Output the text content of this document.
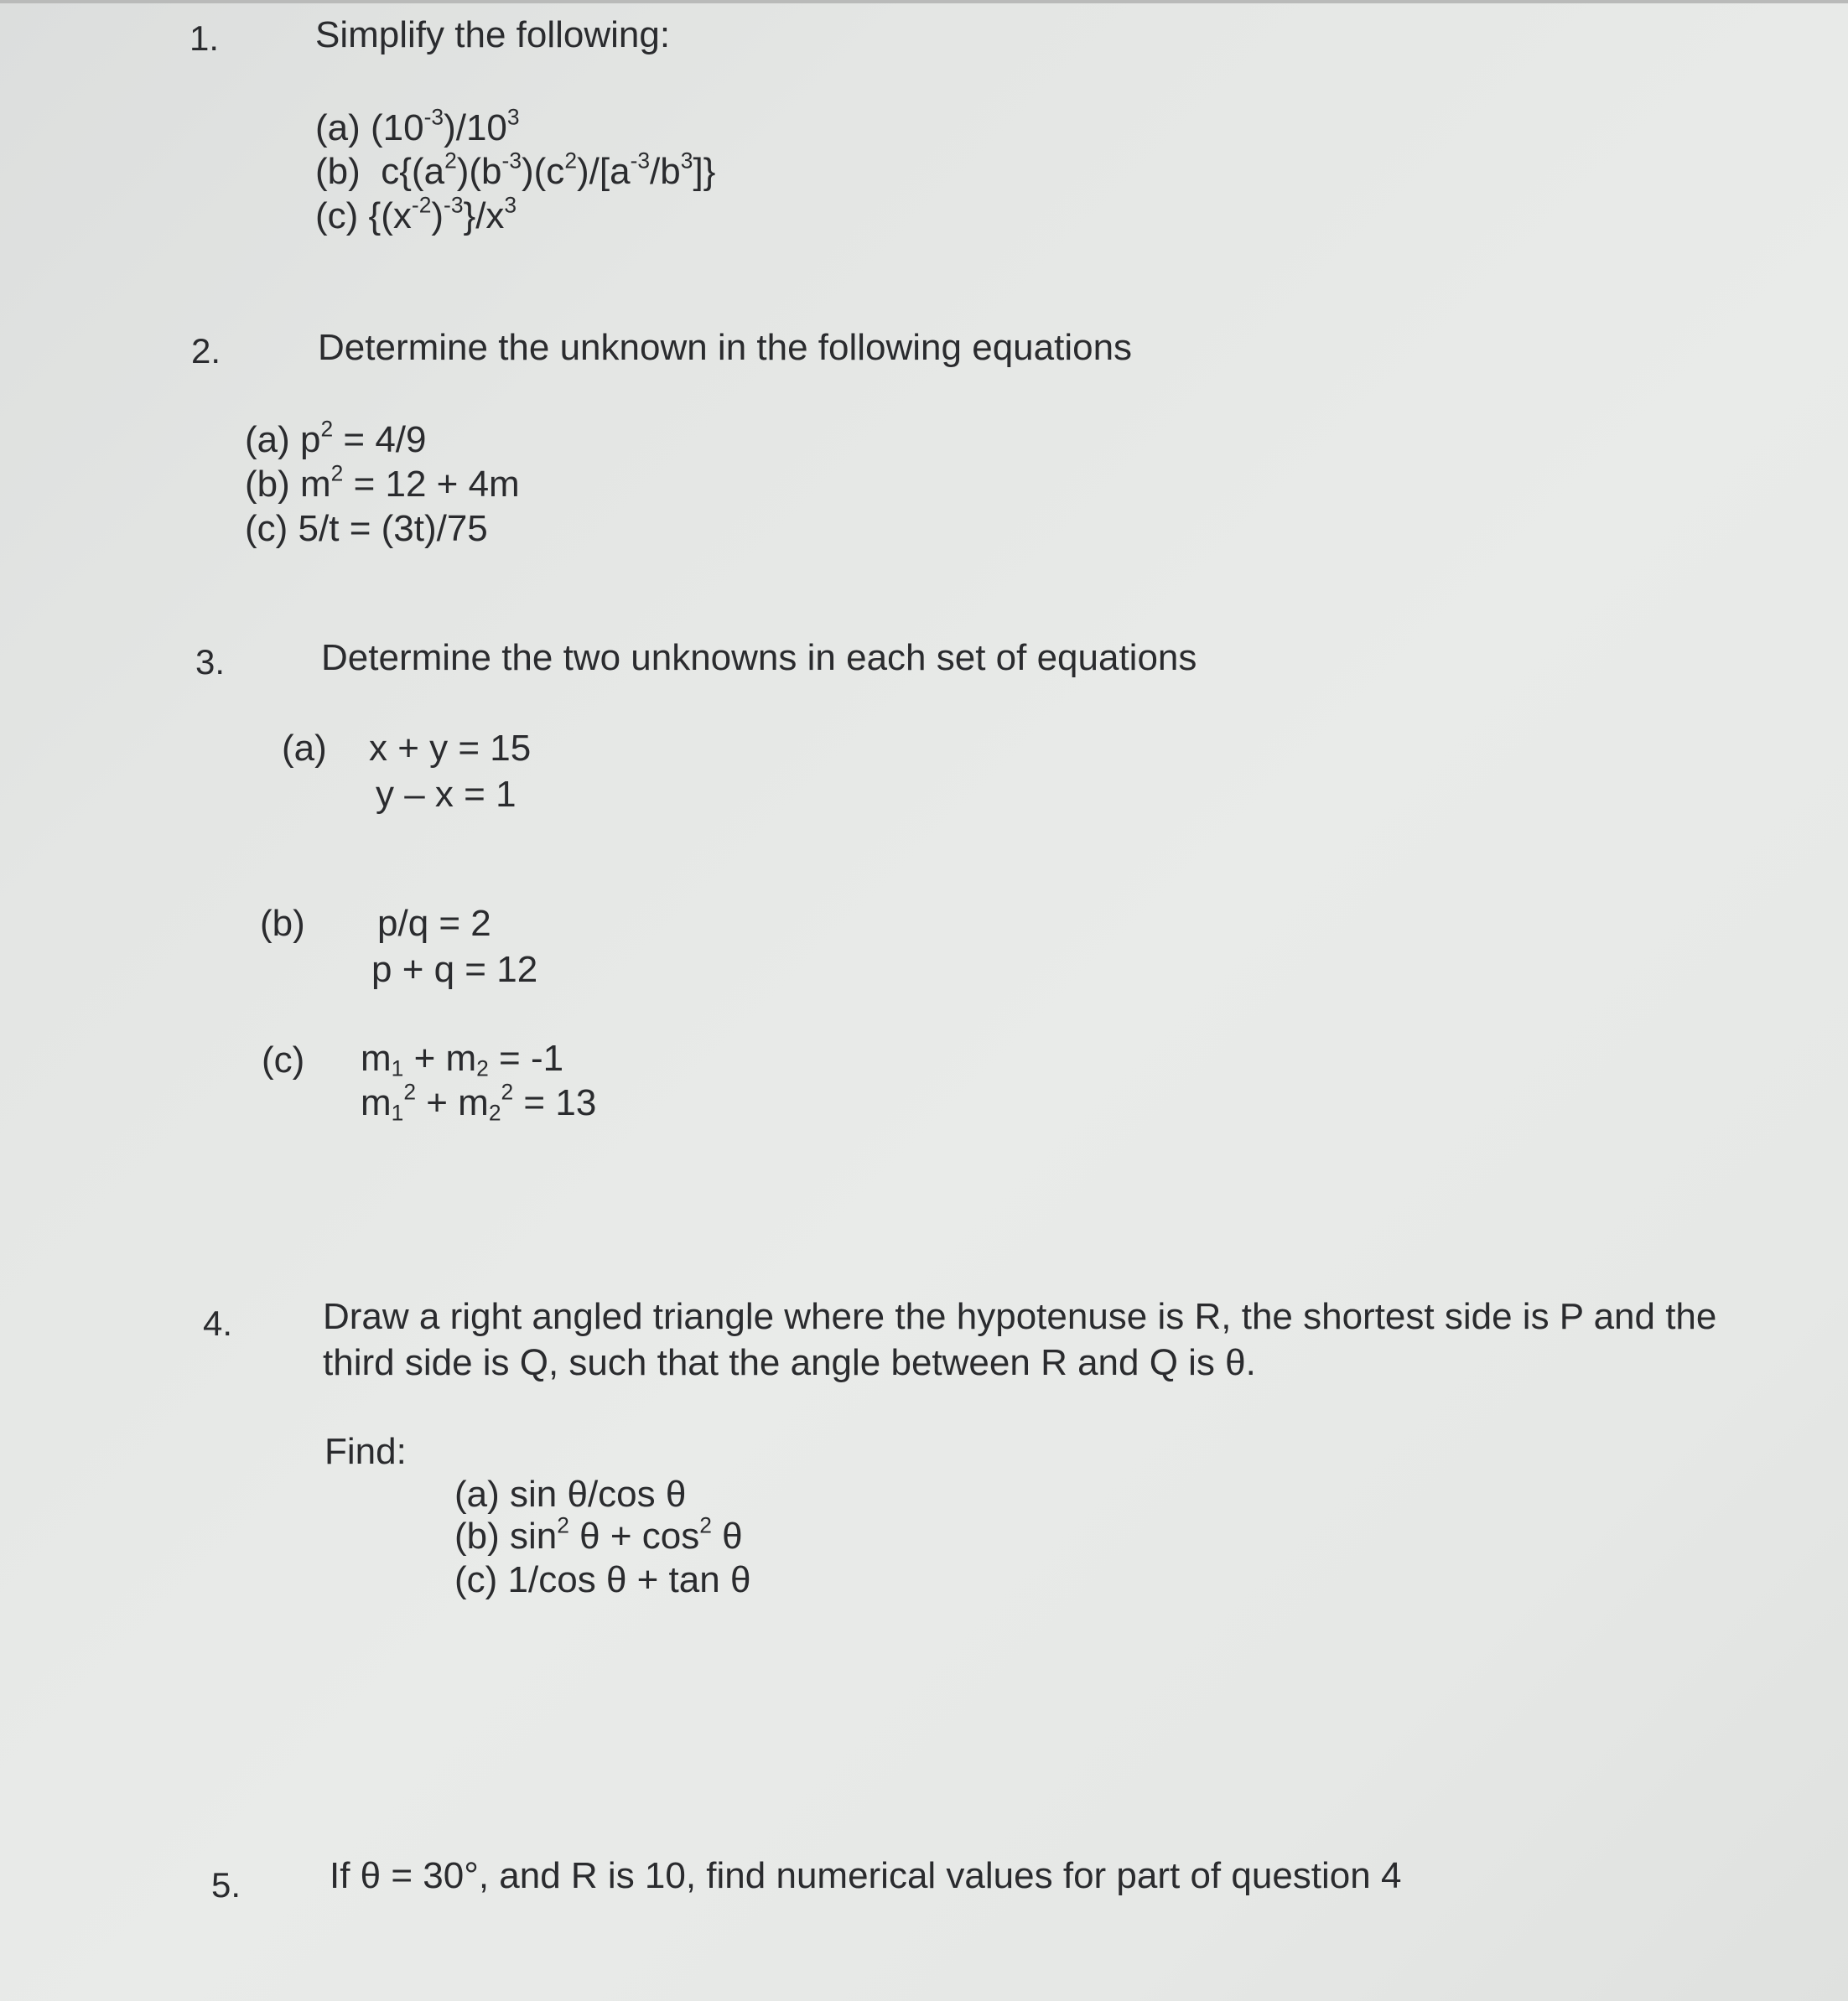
1.	Simplify the following:
(a) $(10^{-3})/10^3$
(b) $c\{(a^2)(b^{-3})(c^2)/[a^{-3}/b^3]\}$
(c) $\{(x^{-2})^{-3}\}/x^3$
2.	Determine the unknown in the following equations
(a) $p^2 = 4/9$
(b) $m^2 = 12 + 4m$
(c) 5/t = (3t)/75
3.	Determine the two unknowns in each set of equations
(a) x + y = 15
y – x = 1
(b) p/q = 2
p + q = 12
(c) $m_1 + m_2 = -1$
$m_1^2 + m_2^2 = 13$
4. Draw a right angled triangle where the hypotenuse is R, the shortest side is P and the
third side is Q, such that the angle between R and Q is θ.
Find:
(a) sin θ/cos θ
(b) $\sin^2 \theta + \cos^2 \theta$
(c) 1/cos θ + tan θ
5. If θ = 30°, and R is 10, find numerical values for part of question 4
